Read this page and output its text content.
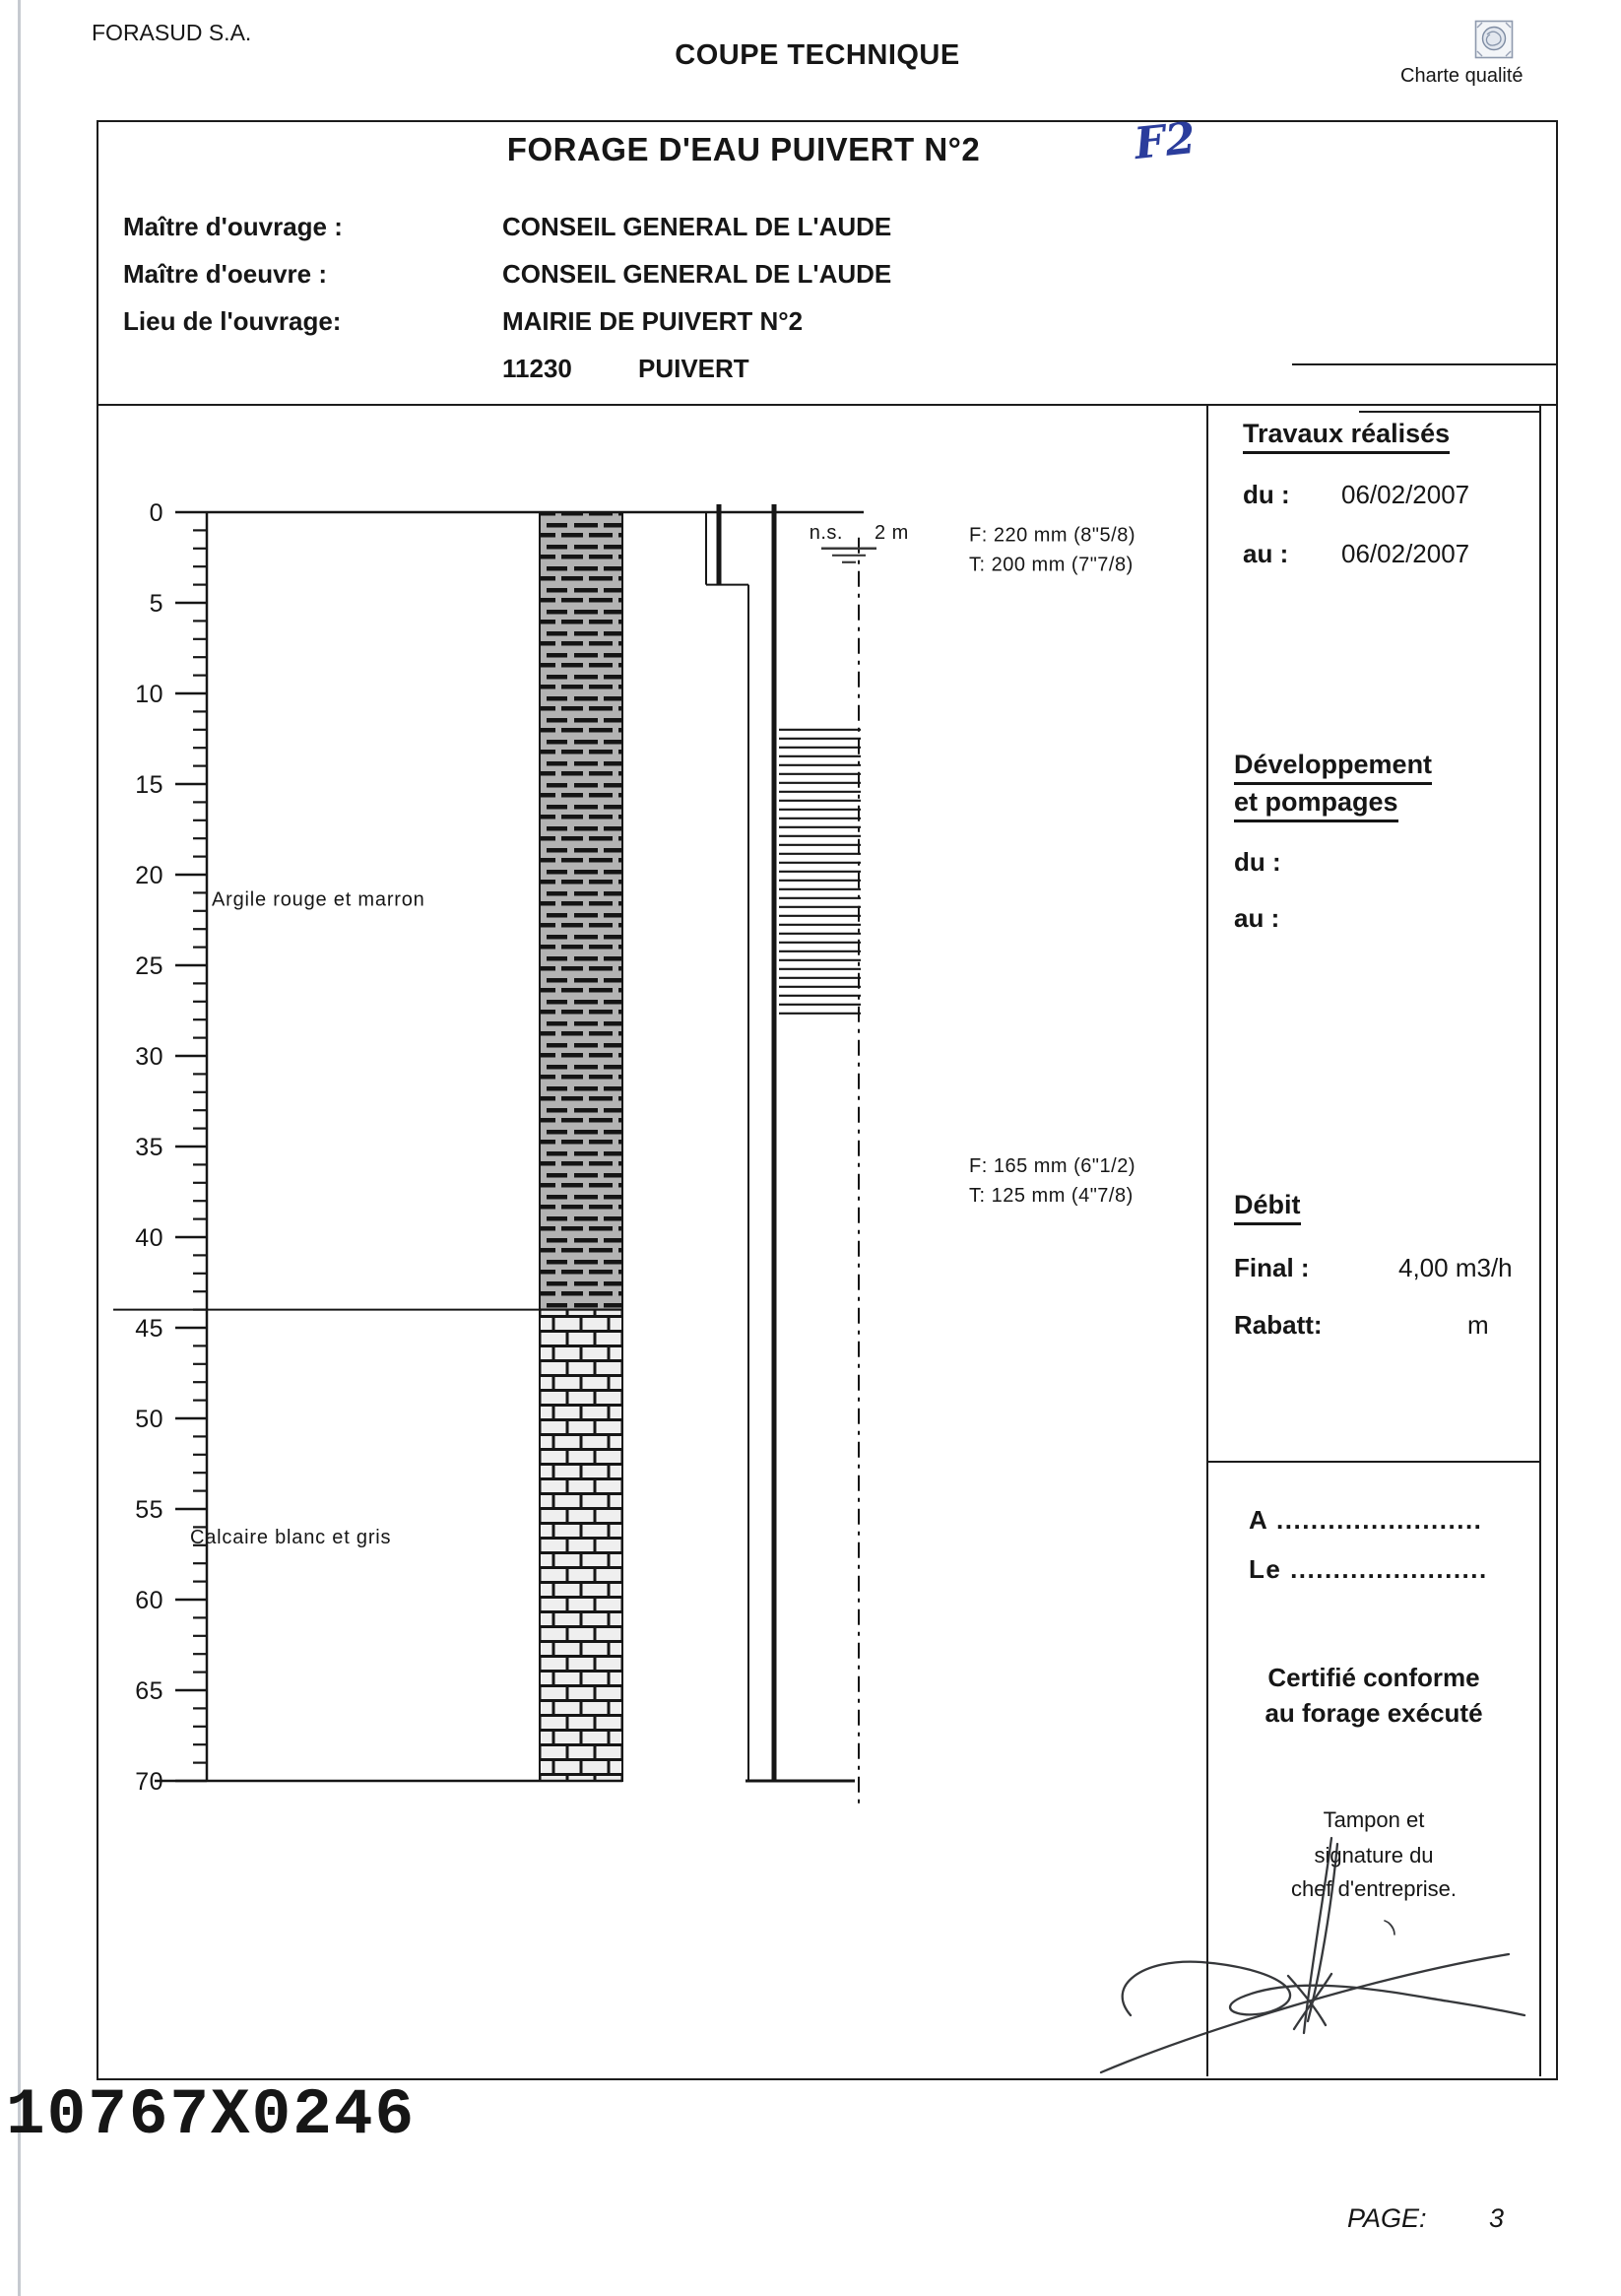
FORASUD S.A.
COUPE TECHNIQUE
Charte qualité
FORAGE D'EAU PUIVERT N°2	F2
Maître d'ouvrage :	CONSEIL GENERAL DE L'AUDE
Maître d'oeuvre :	CONSEIL GENERAL DE L'AUDE
Lieu de l'ouvrage:	MAIRIE DE PUIVERT N°2
11230	PUIVERT
Argile rouge et marron
Calcaire blanc et gris
0
5
10
15
20
25
30
35
40
45
50
55
60
65
70
n.s. 2 m	F: 220 mm (8"5/8)
T: 200 mm (7"7/8)
F: 165 mm (6"1/2)
T: 125 mm (4"7/8)
Travaux réalisés
du : 06/02/2007
au : 06/02/2007
Développement
et pompages
du :
au :
Débit
Final :	4,00 m3/h
Rabatt:	m
A ........................
Le .......................
Certifié conforme
au forage exécuté
Tampon et
signature du
chef d'entreprise.
10767X0246
PAGE: 3
